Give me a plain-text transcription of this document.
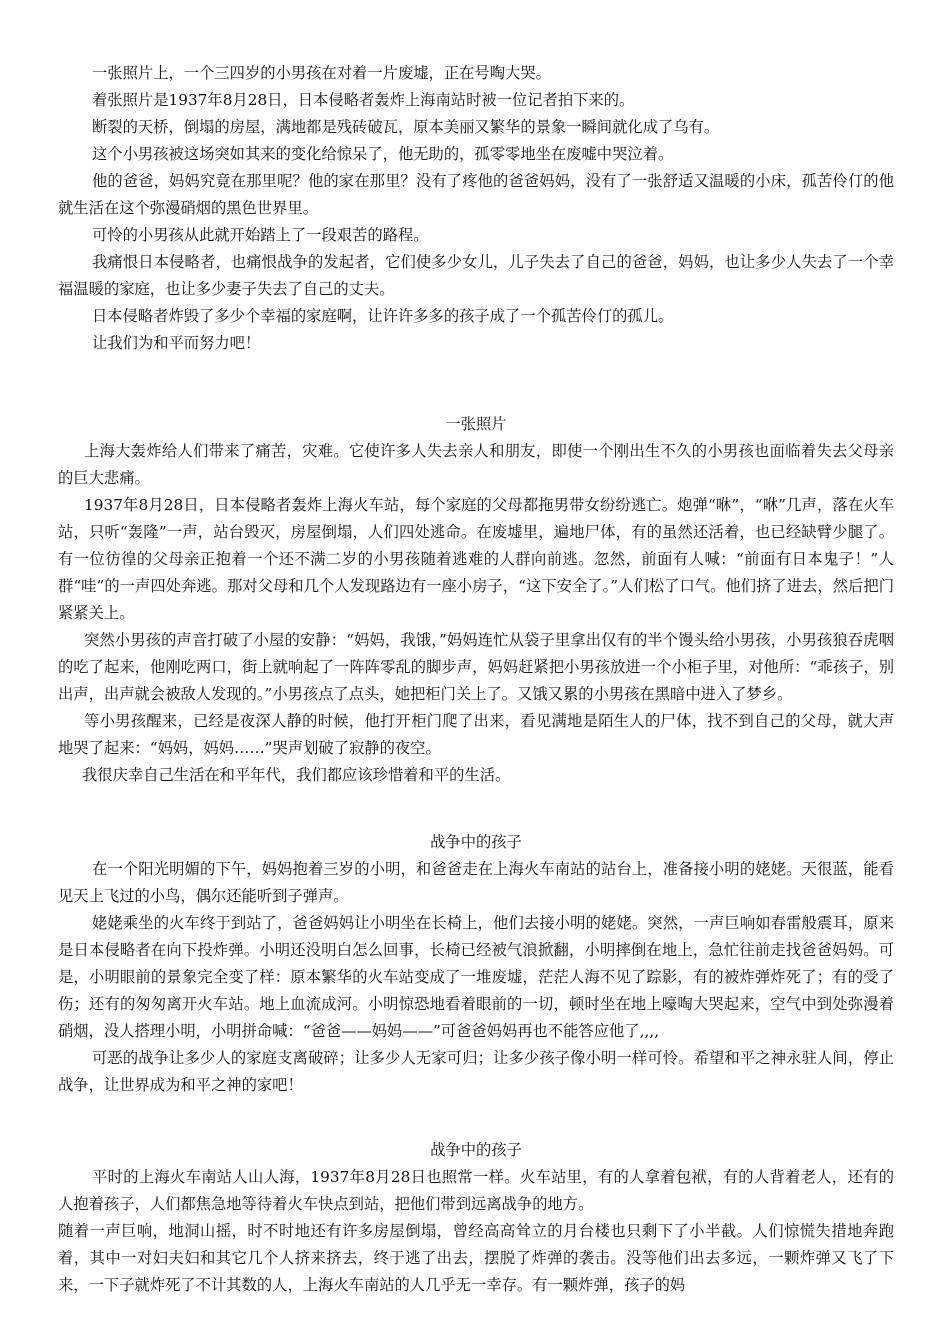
一张照片上，一个三四岁的小男孩在对着一片废墟，正在号啕大哭。

着张照片是1937年8月28日，日本侵略者轰炸上海南站时被一位记者拍下来的。

断裂的天桥，倒塌的房屋，满地都是残砖破瓦，原本美丽又繁华的景象一瞬间就化成了乌有。

这个小男孩被这场突如其来的变化给惊呆了，他无助的，孤零零地坐在废嘘中哭泣着。

他的爸爸，妈妈究竟在那里呢？他的家在那里？没有了疼他的爸爸妈妈，没有了一张舒适又温暖的小床，孤苦伶仃的他就生活在这个弥漫硝烟的黑色世界里。

可怜的小男孩从此就开始踏上了一段艰苦的路程。

我痛恨日本侵略者，也痛恨战争的发起者，它们使多少女儿，儿子失去了自己的爸爸，妈妈，也让多少人失去了一个幸福温暖的家庭，也让多少妻子失去了自己的丈夫。

日本侵略者炸毁了多少个幸福的家庭啊，让许许多多的孩子成了一个孤苦伶仃的孤儿。

让我们为和平而努力吧！

一张照片

上海大轰炸给人们带来了痛苦，灾难。它使许多人失去亲人和朋友，即使一个刚出生不久的小男孩也面临着失去父母亲的巨大悲痛。

1937年8月28日，日本侵略者轰炸上海火车站，每个家庭的父母都拖男带女纷纷逃亡。炮弹“咻”，“咻”几声，落在火车站，只听“轰隆”一声，站台毁灭，房屋倒塌，人们四处逃命。在废墟里，遍地尸体，有的虽然还活着，也已经缺臂少腿了。有一位彷徨的父母亲正抱着一个还不满二岁的小男孩随着逃难的人群向前逃。忽然，前面有人喊：“前面有日本鬼子！”人群“哇”的一声四处奔逃。那对父母和几个人发现路边有一座小房子，“这下安全了。”人们松了口气。他们挤了进去，然后把门紧紧关上。

突然小男孩的声音打破了小屋的安静：“妈妈，我饿，”妈妈连忙从袋子里拿出仅有的半个馒头给小男孩，小男孩狼吞虎咽的吃了起来，他刚吃两口，街上就响起了一阵阵零乱的脚步声，妈妈赶紧把小男孩放进一个小柜子里，对他所：“乖孩子，别出声，出声就会被敌人发现的。”小男孩点了点头，她把柜门关上了。又饿又累的小男孩在黑暗中进入了梦乡。

等小男孩醒来，已经是夜深人静的时候，他打开柜门爬了出来，看见满地是陌生人的尸体，找不到自己的父母，就大声地哭了起来：“妈妈，妈妈……”哭声划破了寂静的夜空。

我很庆幸自己生活在和平年代，我们都应该珍惜着和平的生活。

战争中的孩子

在一个阳光明媚的下午，妈妈抱着三岁的小明，和爸爸走在上海火车南站的站台上，准备接小明的姥姥。天很蓝，能看见天上飞过的小鸟，偶尔还能听到子弹声。

姥姥乘坐的火车终于到站了，爸爸妈妈让小明坐在长椅上，他们去接小明的姥姥。突然，一声巨响如春雷般震耳，原来是日本侵略者在向下投炸弹。小明还没明白怎么回事，长椅已经被气浪掀翻，小明摔倒在地上，急忙往前走找爸爸妈妈。可是，小明眼前的景象完全变了样：原本繁华的火车站变成了一堆废墟，茫茫人海不见了踪影，有的被炸弹炸死了；有的受了伤；还有的匆匆离开火车站。地上血流成河。小明惊恐地看着眼前的一切，顿时坐在地上嚎啕大哭起来，空气中到处弥漫着硝烟，没人搭理小明，小明拼命喊：“爸爸——妈妈——”可爸爸妈妈再也不能答应他了,,,,

可恶的战争让多少人的家庭支离破碎；让多少人无家可归；让多少孩子像小明一样可怜。希望和平之神永驻人间，停止战争，让世界成为和平之神的家吧！

战争中的孩子

平时的上海火车南站人山人海，1937年8月28日也照常一样。火车站里，有的人拿着包袱，有的人背着老人，还有的人抱着孩子，人们都焦急地等待着火车快点到站，把他们带到远离战争的地方。

随着一声巨响，地洞山摇，时不时地还有许多房屋倒塌，曾经高高耸立的月台楼也只剩下了小半截。人们惊慌失措地奔跑着，其中一对妇夫妇和其它几个人挤来挤去，终于逃了出去，摆脱了炸弹的袭击。没等他们出去多远，一颗炸弹又飞了下来，一下子就炸死了不计其数的人，上海火车南站的人几乎无一幸存。有一颗炸弹，孩子的妈
